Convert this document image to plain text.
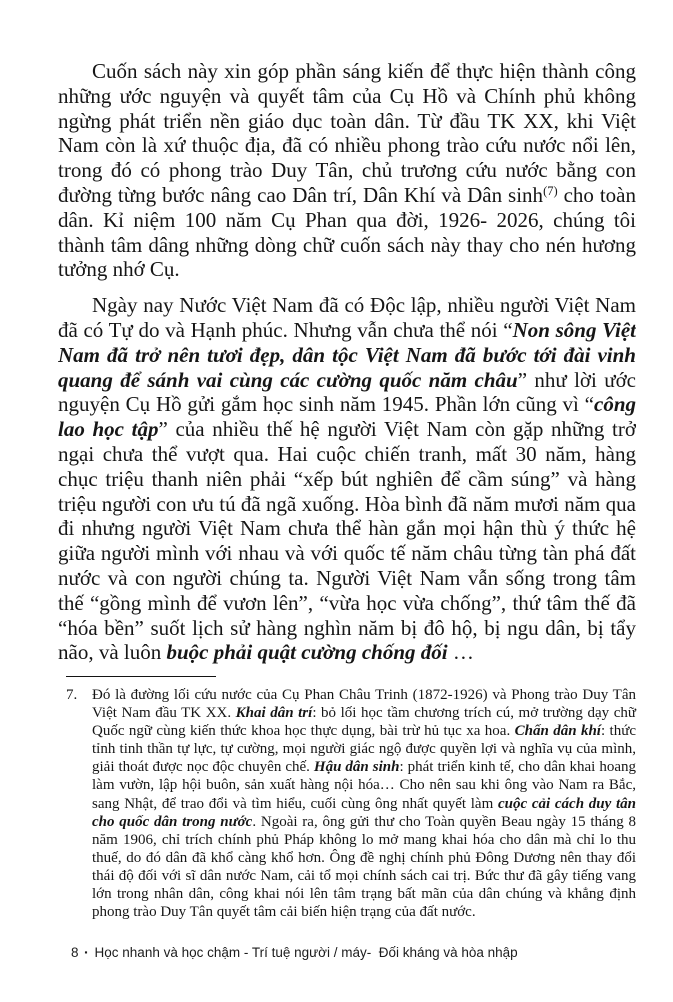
Cuốn sách này xin góp phần sáng kiến để thực hiện thành công những ước nguyện và quyết tâm của Cụ Hồ và Chính phủ không ngừng phát triển nền giáo dục toàn dân. Từ đầu TK XX, khi Việt Nam còn là xứ thuộc địa, đã có nhiều phong trào cứu nước nổi lên, trong đó có phong trào Duy Tân, chủ trương cứu nước bằng con đường từng bước nâng cao Dân trí, Dân Khí và Dân $\sinh^{(7)}$ cho toàn dân. Kỉ niệm 100 năm Cụ Phan qua đời, 1926- 2026, chúng tôi thành tâm dâng những dòng chữ cuốn sách này thay cho nén hương tưởng nhớ Cụ.

Ngày nay Nước Việt Nam đã có Độc lập, nhiều người Việt Nam đã có Tự do và Hạnh phúc. Nhưng vẫn chưa thể nói “Non sông Việt Nam đã trở nên tươi đẹp, dân tộc Việt Nam đã bước tới đài vinh quang để sánh vai cùng các cường quốc năm châu” như lời ước nguyện Cụ Hồ gửi gắm học sinh năm 1945. Phần lớn cũng vì “công lao học tập” của nhiều thế hệ người Việt Nam còn gặp những trở ngại chưa thể vượt qua. Hai cuộc chiến tranh, mất 30 năm, hàng chục triệu thanh niên phải “xếp bút nghiên để cầm súng” và hàng triệu người con ưu tú đã ngã xuống. Hòa bình đã năm mươi năm qua đi nhưng người Việt Nam chưa thể hàn gắn mọi hận thù ý thức hệ giữa người mình với nhau và với quốc tế năm châu từng tàn phá đất nước và con người chúng ta. Người Việt Nam vẫn sống trong tâm thế “gồng mình để vươn lên”, “vừa học vừa chống”, thứ tâm thế đã “hóa bền” suốt lịch sử hàng nghìn năm bị đô hộ, bị ngu dân, bị tẩy não, và luôn buộc phải quật cường chống đối …

7. Đó là đường lối cứu nước của Cụ Phan Châu Trinh (1872-1926) và Phong trào Duy Tân Việt Nam đầu TK XX. Khai dân trí: bỏ lối học tầm chương trích cú, mở trường dạy chữ Quốc ngữ cùng kiến thức khoa học thực dụng, bài trừ hủ tục xa hoa. Chấn dân khí: thức tỉnh tinh thần tự lực, tự cường, mọi người giác ngộ được quyền lợi và nghĩa vụ của mình, giải thoát được nọc độc chuyên chế. Hậu dân sinh: phát triển kinh tế, cho dân khai hoang làm vườn, lập hội buôn, sản xuất hàng nội hóa… Cho nên sau khi ông vào Nam ra Bắc, sang Nhật, để trao đổi và tìm hiểu, cuối cùng ông nhất quyết làm cuộc cải cách duy tân cho quốc dân trong nước. Ngoài ra, ông gửi thư cho Toàn quyền Beau ngày 15 tháng 8 năm 1906, chỉ trích chính phủ Pháp không lo mở mang khai hóa cho dân mà chỉ lo thu thuế, do đó dân đã khổ càng khổ hơn. Ông đề nghị chính phủ Đông Dương nên thay đổi thái độ đối với sĩ dân nước Nam, cải tổ mọi chính sách cai trị. Bức thư đã gây tiếng vang lớn trong nhân dân, công khai nói lên tâm trạng bất mãn của dân chúng và khẳng định phong trào Duy Tân quyết tâm cải biến hiện trạng của đất nước.
8 ▪ Học nhanh và học chậm - Trí tuệ người / máy-  Đối kháng và hòa nhập
